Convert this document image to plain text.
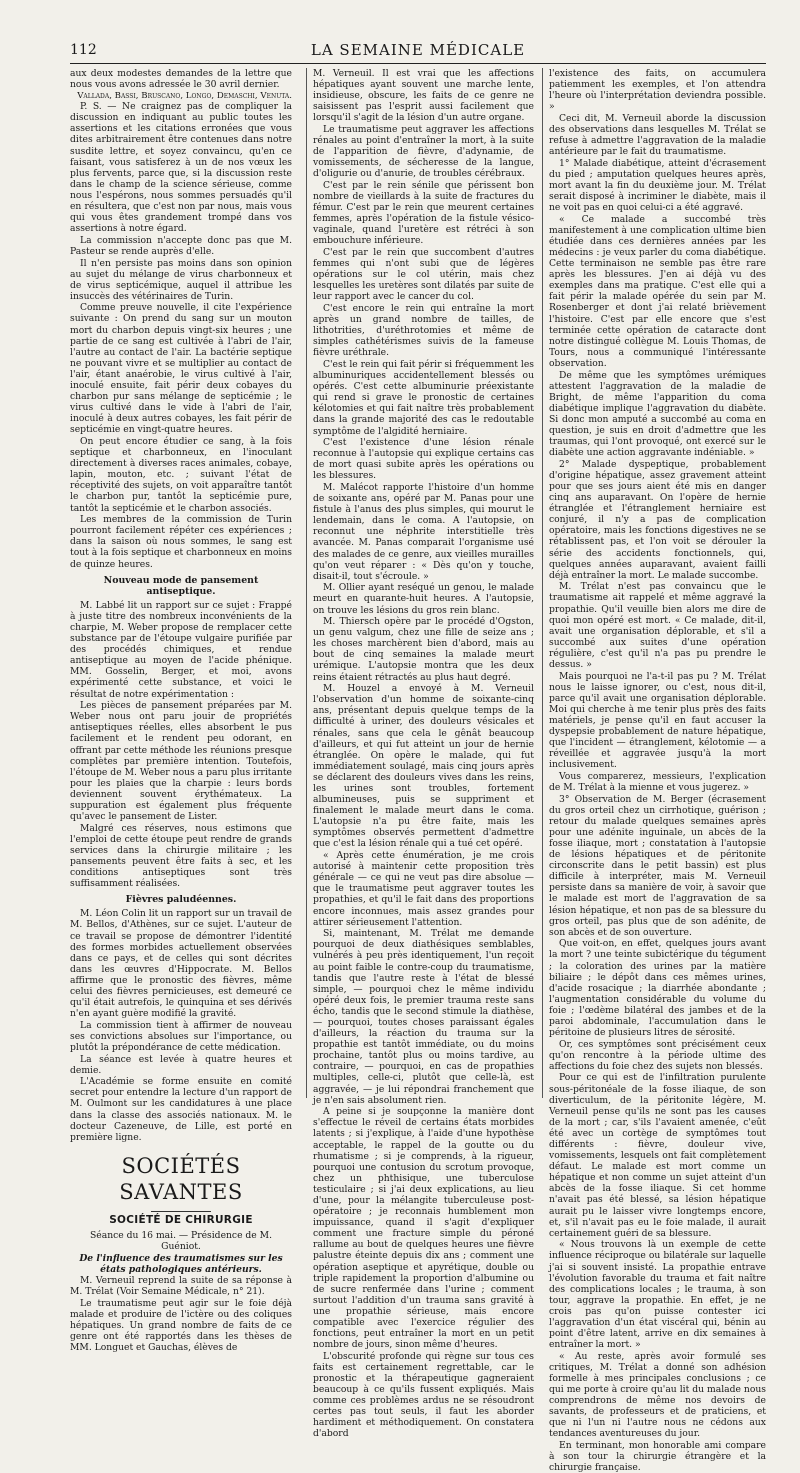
112	LA SEMAINE MÉDICALE

aux deux modestes demandes de la lettre que nous vous avons adressée le 30 avril dernier.

Vallada, Bassi, Bruscano, Longo, Demaschi, Venuta.

P. S. — Ne craignez pas de compliquer la discussion en indiquant au public toutes les assertions et les citations erronées que vous dites arbitrairement être contenues dans notre susdite lettre, et soyez convaincu, qu'en ce faisant, vous satisferez à un de nos vœux les plus fervents, parce que, si la discussion reste dans le champ de la science sérieuse, comme nous l'espérons, nous sommes persuadés qu'il en résultera, que c'est non par nous, mais vous qui vous êtes grandement trompé dans vos assertions à notre égard.

La commission n'accepte donc pas que M. Pasteur se rende auprès d'elle.

Il n'en persiste pas moins dans son opinion au sujet du mélange de virus charbonneux et de virus septicémique, auquel il attribue les insuccès des vétérinaires de Turin.

Comme preuve nouvelle, il cite l'expérience suivante : On prend du sang sur un mouton mort du charbon depuis vingt-six heures ; une partie de ce sang est cultivée à l'abri de l'air, l'autre au contact de l'air. La bactérie septique ne pouvant vivre et se multiplier au contact de l'air, étant anaérobie, le virus cultivé à l'air, inoculé ensuite, fait périr deux cobayes du charbon pur sans mélange de septicémie ; le virus cultivé dans le vide à l'abri de l'air, inoculé à deux autres cobayes, les fait périr de septicémie en vingt-quatre heures.

On peut encore étudier ce sang, à la fois septique et charbonneux, en l'inoculant directement à diverses races animales, cobaye, lapin, mouton, etc. ; suivant l'état de réceptivité des sujets, on voit apparaître tantôt le charbon pur, tantôt la septicémie pure, tantôt la septicémie et le charbon associés.

Les membres de la commission de Turin pourront facilement répéter ces expériences ; dans la saison où nous sommes, le sang est tout à la fois septique et charbonneux en moins de quinze heures.

Nouveau mode de pansement antiseptique.

M. Labbé lit un rapport sur ce sujet : Frappé à juste titre des nombreux inconvénients de la charpie, M. Weber propose de remplacer cette substance par de l'étoupe vulgaire purifiée par des procédés chimiques, et rendue antiseptique au moyen de l'acide phénique. MM. Gosselin, Berger, et moi, avons expérimenté cette substance, et voici le résultat de notre expérimentation :

Les pièces de pansement préparées par M. Weber nous ont paru jouir de propriétés antiseptiques réelles, elles absorbent le pus facilement et le rendent peu odorant, en offrant par cette méthode les réunions presque complètes par première intention. Toutefois, l'étoupe de M. Weber nous a paru plus irritante pour les plaies que la charpie : leurs bords deviennent souvent érythémateux. La suppuration est également plus fréquente qu'avec le pansement de Lister.

Malgré ces réserves, nous estimons que l'emploi de cette étoupe peut rendre de grands services dans la chirurgie militaire ; les pansements peuvent être faits à sec, et les conditions antiseptiques sont très suffisamment réalisées.

Fièvres paludéennes.

M. Léon Colin lit un rapport sur un travail de M. Bellos, d'Athènes, sur ce sujet. L'auteur de ce travail se propose de démontrer l'identité des formes morbides actuellement observées dans ce pays, et de celles qui sont décrites dans les œuvres d'Hippocrate. M. Bellos affirme que le pronostic des fièvres, même celui des fièvres pernicieuses, est demeuré ce qu'il était autrefois, le quinquina et ses dérivés n'en ayant guère modifié la gravité.

La commission tient à affirmer de nouveau ses convictions absolues sur l'importance, ou plutôt la prépondérance de cette médication.

La séance est levée à quatre heures et demie.

L'Académie se forme ensuite en comité secret pour entendre la lecture d'un rapport de M. Oulmont sur les candidatures à une place dans la classe des associés nationaux. M. le docteur Cazeneuve, de Lille, est porté en première ligne.

SOCIÉTÉS SAVANTES
SOCIÉTÉ DE CHIRURGIE

Séance du 16 mai. — Présidence de M. Guéniot.

De l'influence des traumatismes sur les états pathologiques antérieurs.

M. Verneuil reprend la suite de sa réponse à M. Trélat (Voir Semaine Médicale, n° 21).

Le traumatisme peut agir sur le foie déjà malade et produire de l'ictère ou des coliques hépatiques. Un grand nombre de faits de ce genre ont été rapportés dans les thèses de MM. Longuet et Gauchas, élèves de

M. Verneuil. Il est vrai que les affections hépatiques ayant souvent une marche lente, insidieuse, obscure, les faits de ce genre ne saisissent pas l'esprit aussi facilement que lorsqu'il s'agit de la lésion d'un autre organe.

Le traumatisme peut aggraver les affections rénales au point d'entraîner la mort, à la suite de l'apparition de fièvre, d'adynamie, de vomissements, de sécheresse de la langue, d'oligurie ou d'anurie, de troubles cérébraux.

C'est par le rein sénile que périssent bon nombre de vieillards à la suite de fractures du fémur. C'est par le rein que meurent certaines femmes, après l'opération de la fistule vésico-vaginale, quand l'uretère est rétréci à son embouchure inférieure.

C'est par le rein que succombent d'autres femmes qui n'ont subi que de légères opérations sur le col utérin, mais chez lesquelles les uretères sont dilatés par suite de leur rapport avec le cancer du col.

C'est encore le rein qui entraîne la mort après un grand nombre de tailles, de lithotrities, d'uréthrotomies et même de simples cathétérismes suivis de la fameuse fièvre uréthrale.

C'est le rein qui fait périr si fréquemment les albuminuriques accidentellement blessés ou opérés. C'est cette albuminurie préexistante qui rend si grave le pronostic de certaines kélotomies et qui fait naître très probablement dans la grande majorité des cas le redoutable symptôme de l'algidité herniaire.

C'est l'existence d'une lésion rénale reconnue à l'autopsie qui explique certains cas de mort quasi subite après les opérations ou les blessures.

M. Malécot rapporte l'histoire d'un homme de soixante ans, opéré par M. Panas pour une fistule à l'anus des plus simples, qui mourut le lendemain, dans le coma. A l'autopsie, on reconnut une néphrite interstitielle très avancée. M. Panas comparait l'organisme usé des malades de ce genre, aux vieilles murailles qu'on veut réparer : « Dès qu'on y touche, disait-il, tout s'écroule. »

M. Ollier ayant reséqué un genou, le malade meurt en quarante-huit heures. A l'autopsie, on trouve les lésions du gros rein blanc.

M. Thiersch opère par le procédé d'Ogston, un genu valgum, chez une fille de seize ans ; les choses marchèrent bien d'abord, mais au bout de cinq semaines la malade meurt urémique. L'autopsie montra que les deux reins étaient rétractés au plus haut degré.

M. Houzel a envoyé à M. Verneuil l'observation d'un homme de soixante-cinq ans, présentant depuis quelque temps de la difficulté à uriner, des douleurs vésicales et rénales, sans que cela le gênât beaucoup d'ailleurs, et qui fut atteint un jour de hernie étranglée. On opère le malade, qui fut immédiatement soulagé, mais cinq jours après se déclarent des douleurs vives dans les reins, les urines sont troubles, fortement albumineuses, puis se suppriment et finalement le malade meurt dans le coma. L'autopsie n'a pu être faite, mais les symptômes observés permettent d'admettre que c'est la lésion rénale qui a tué cet opéré.

« Après cette énumération, je me crois autorisé à maintenir cette proposition très générale — ce qui ne veut pas dire absolue — que le traumatisme peut aggraver toutes les propathies, et qu'il le fait dans des proportions encore inconnues, mais assez grandes pour attirer sérieusement l'attention.

Si, maintenant, M. Trélat me demande pourquoi de deux diathésiques semblables, vulnérés à peu près identiquement, l'un reçoit au point faible le contre-coup du traumatisme, tandis que l'autre reste à l'état de blessé simple, — pourquoi chez le même individu opéré deux fois, le premier trauma reste sans écho, tandis que le second stimule la diathèse, — pourquoi, toutes choses paraissant égales d'ailleurs, la réaction du trauma sur la propathie est tantôt immédiate, ou du moins prochaine, tantôt plus ou moins tardive, au contraire, — pourquoi, en cas de propathies multiples, celle-ci, plutôt que celle-là, est aggravée, — je lui répondrai franchement que je n'en sais absolument rien.

A peine si je soupçonne la manière dont s'effectue le réveil de certains états morbides latents ; si j'explique, à l'aide d'une hypothèse acceptable, le rappel de la goutte ou du rhumatisme ; si je comprends, à la rigueur, pourquoi une contusion du scrotum provoque, chez un phthisique, une tuberculose testiculaire ; si j'ai deux explications, au lieu d'une, pour la mélangite tuberculeuse post-opératoire ; je reconnais humblement mon impuissance, quand il s'agit d'expliquer comment une fracture simple du péroné rallume au bout de quelques heures une fièvre palustre éteinte depuis dix ans ; comment une opération aseptique et apyrétique, double ou triple rapidement la proportion d'albumine ou de sucre renfermée dans l'urine ; comment surtout l'addition d'un trauma sans gravité à une propathie sérieuse, mais encore compatible avec l'exercice régulier des fonctions, peut entraîner la mort en un petit nombre de jours, sinon même d'heures.

L'obscurité profonde qui règne sur tous ces faits est certainement regrettable, car le pronostic et la thérapeutique gagneraient beaucoup à ce qu'ils fussent expliqués. Mais comme ces problèmes ardus ne se résoudront certes pas tout seuls, il faut les aborder hardiment et méthodiquement. On constatera d'abord

l'existence des faits, on accumulera patiemment les exemples, et l'on attendra l'heure où l'interprétation deviendra possible. »

Ceci dit, M. Verneuil aborde la discussion des observations dans lesquelles M. Trélat se refuse à admettre l'aggravation de la maladie antérieure par le fait du traumatisme.

1° Malade diabétique, atteint d'écrasement du pied ; amputation quelques heures après, mort avant la fin du deuxième jour. M. Trélat serait disposé à incriminer le diabète, mais il ne voit pas en quoi celui-ci a été aggravé.

« Ce malade a succombé très manifestement à une complication ultime bien étudiée dans ces dernières années par les médecins : je veux parler du coma diabétique. Cette terminaison ne semble pas être rare après les blessures. J'en ai déjà vu des exemples dans ma pratique. C'est elle qui a fait périr la malade opérée du sein par M. Rosenberger et dont j'ai relaté brièvement l'histoire. C'est par elle encore que s'est terminée cette opération de cataracte dont notre distingué collègue M. Louis Thomas, de Tours, nous a communiqué l'intéressante observation.

De même que les symptômes urémiques attestent l'aggravation de la maladie de Bright, de même l'apparition du coma diabétique implique l'aggravation du diabète. Si donc mon amputé a succombé au coma en question, je suis en droit d'admettre que les traumas, qui l'ont provoqué, ont exercé sur le diabète une action aggravante indéniable. »

2° Malade dyspeptique, probablement d'origine hépatique, assez gravement atteint pour que ses jours aient été mis en danger cinq ans auparavant. On l'opère de hernie étranglée et l'étranglement herniaire est conjuré, il n'y a pas de complication opératoire, mais les fonctions digestives ne se rétablissent pas, et l'on voit se dérouler la série des accidents fonctionnels, qui, quelques années auparavant, avaient failli déjà entraîner la mort. Le malade succombe.

M. Trélat n'est pas convaincu que le traumatisme ait rappelé et même aggravé la propathie. Qu'il veuille bien alors me dire de quoi mon opéré est mort. « Ce malade, dit-il, avait une organisation déplorable, et s'il a succombé aux suites d'une opération régulière, c'est qu'il n'a pas pu prendre le dessus. »

Mais pourquoi ne l'a-t-il pas pu ? M. Trélat nous le laisse ignorer, ou c'est, nous dit-il, parce qu'il avait une organisation déplorable. Moi qui cherche à me tenir plus près des faits matériels, je pense qu'il en faut accuser la dyspepsie probablement de nature hépatique, que l'incident — étranglement, kélotomie — a réveillée et aggravée jusqu'à la mort inclusivement.

Vous comparerez, messieurs, l'explication de M. Trélat à la mienne et vous jugerez. »

3° Observation de M. Berger (écrasement du gros orteil chez un cirrhotique, guérison ; retour du malade quelques semaines après pour une adénite inguinale, un abcès de la fosse iliaque, mort ; constatation à l'autopsie de lésions hépatiques et de péritonite circonscrite dans le petit bassin) est plus difficile à interpréter, mais M. Verneuil persiste dans sa manière de voir, à savoir que le malade est mort de l'aggravation de sa lésion hépatique, et non pas de sa blessure du gros orteil, pas plus que de son adénite, de son abcès et de son ouverture.

Que voit-on, en effet, quelques jours avant la mort ? une teinte subictérique du tégument ; la coloration des urines par la matière biliaire ; le dépôt dans ces mêmes urines, d'acide rosacique ; la diarrhée abondante ; l'augmentation considérable du volume du foie ; l'œdème bilatéral des jambes et de la paroi abdominale, l'accumulation dans le péritoine de plusieurs litres de sérosité.

Or, ces symptômes sont précisément ceux qu'on rencontre à la période ultime des affections du foie chez des sujets non blessés.

Pour ce qui est de l'infiltration purulente sous-péritonéale de la fosse iliaque, de son diverticulum, de la péritonite légère, M. Verneuil pense qu'ils ne sont pas les causes de la mort ; car, s'ils l'avaient amenée, c'eût été avec un cortège de symptômes tout différents : fièvre, douleur vive, vomissements, lesquels ont fait complètement défaut. Le malade est mort comme un hépatique et non comme un sujet atteint d'un abcès de la fosse iliaque. Si cet homme n'avait pas été blessé, sa lésion hépatique aurait pu le laisser vivre longtemps encore, et, s'il n'avait pas eu le foie malade, il aurait certainement guéri de sa blessure.

« Nous trouvons là un exemple de cette influence réciproque ou bilatérale sur laquelle j'ai si souvent insisté. La propathie entrave l'évolution favorable du trauma et fait naître des complications locales ; le trauma, à son tour, aggrave la propathie. En effet, je ne crois pas qu'on puisse contester ici l'aggravation d'un état viscéral qui, bénin au point d'être latent, arrive en dix semaines à entraîner la mort. »

« Au reste, après avoir formulé ses critiques, M. Trélat a donné son adhésion formelle à mes principales conclusions ; ce qui me porte à croire qu'au lit du malade nous comprendrons de même nos devoirs de savants, de professeurs et de praticiens, et que ni l'un ni l'autre nous ne cédons aux tendances aventureuses du jour.

En terminant, mon honorable ami compare à son tour la chirurgie étrangère et la chirurgie française.
